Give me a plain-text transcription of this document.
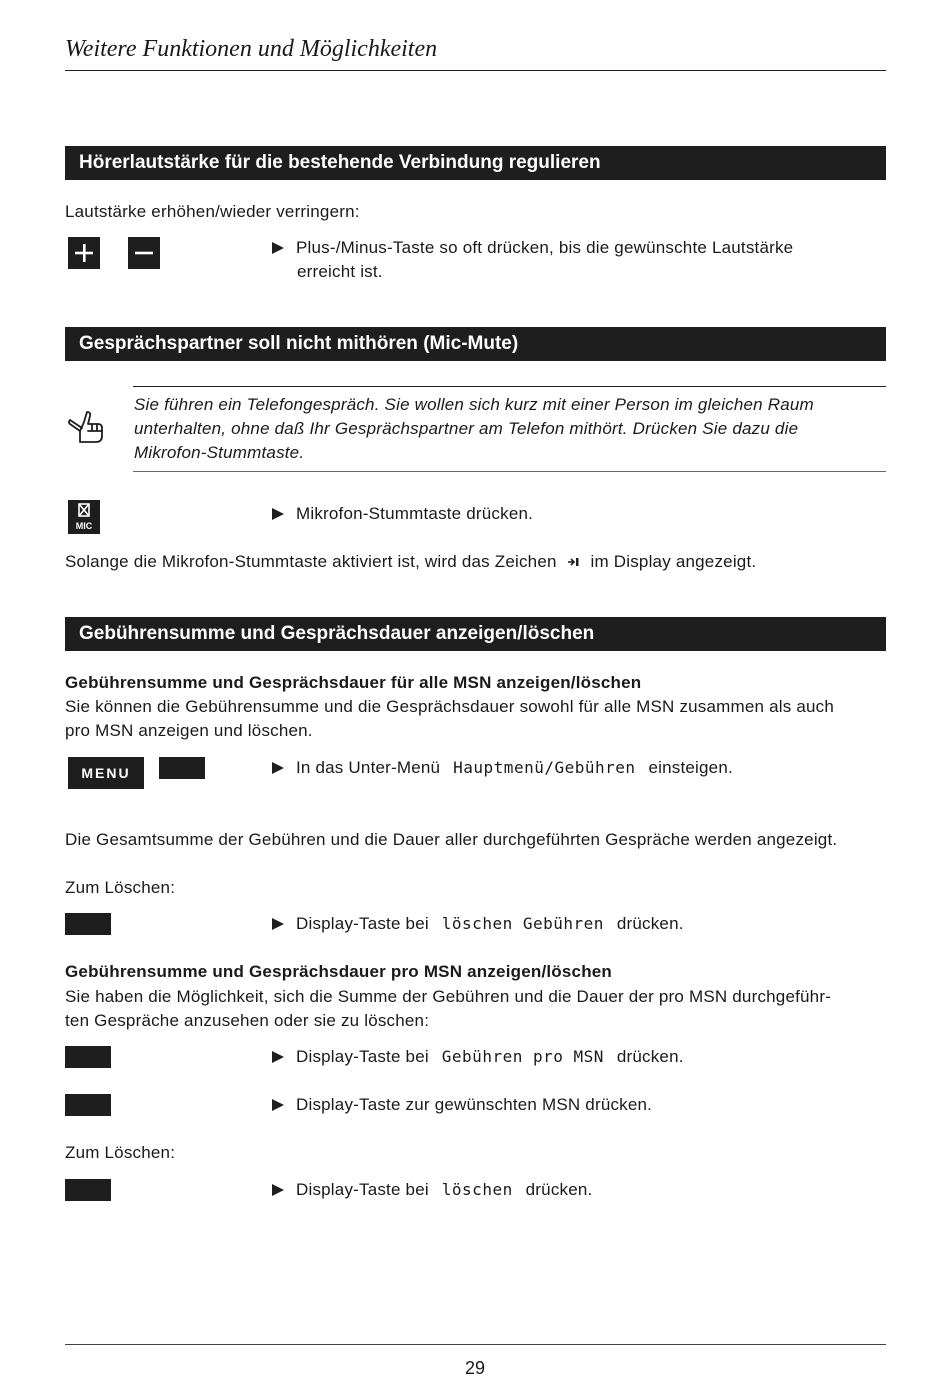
Weitere Funktionen und Möglichkeiten
Hörerlautstärke für die bestehende Verbindung regulieren
Lautstärke erhöhen/wieder verringern:
Plus-/Minus-Taste so oft drücken, bis die gewünschte Lautstärke
erreicht ist.
Gesprächspartner soll nicht mithören (Mic-Mute)
Sie führen ein Telefongespräch. Sie wollen sich kurz mit einer Person im gleichen Raum
unterhalten, ohne daß Ihr Gesprächspartner am Telefon mithört. Drücken Sie dazu die
Mikrofon-Stummtaste.
MIC
Mikrofon-Stummtaste drücken.
Solange die Mikrofon-Stummtaste aktiviert ist, wird das Zeichen im Display angezeigt.
Gebührensumme und Gesprächsdauer anzeigen/löschen
Gebührensumme und Gesprächsdauer für alle MSN anzeigen/löschen
Sie können die Gebührensumme und die Gesprächsdauer sowohl für alle MSN zusammen als auch
pro MSN anzeigen und löschen.
MENU	In das Unter-Menü Hauptmenü/Gebühren einsteigen.
Die Gesamtsumme der Gebühren und die Dauer aller durchgeführten Gespräche werden angezeigt.
Zum Löschen:
Display-Taste bei löschen Gebühren drücken.
Gebührensumme und Gesprächsdauer pro MSN anzeigen/löschen
Sie haben die Möglichkeit, sich die Summe der Gebühren und die Dauer der pro MSN durchgeführ-
ten Gespräche anzusehen oder sie zu löschen:
Display-Taste bei Gebühren pro MSN drücken.
Display-Taste zur gewünschten MSN drücken.
Zum Löschen:
Display-Taste bei löschen drücken.
29
